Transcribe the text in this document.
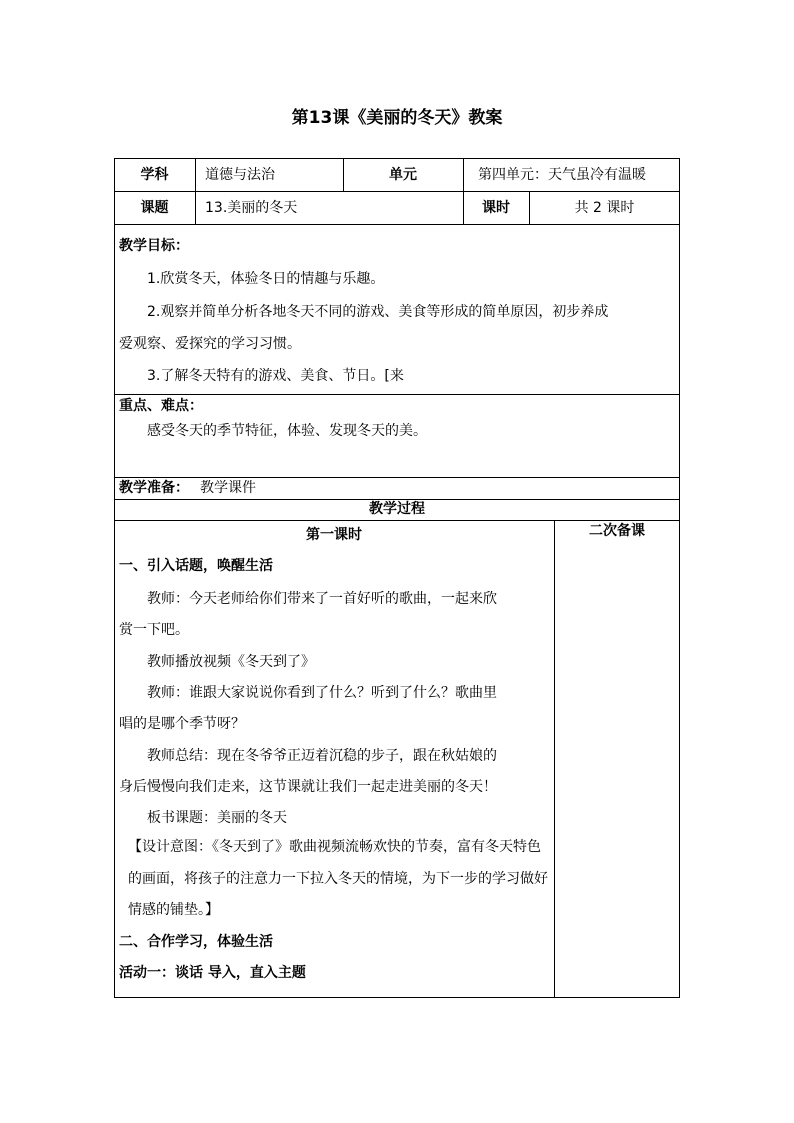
第13课《美丽的冬天》教案
学科	道德与法治	单元	第四单元：天气虽冷有温暖
课题	13.美丽的冬天	课时	共 2 课时
教学目标：
1.欣赏冬天，体验冬日的情趣与乐趣。
2.观察并简单分析各地冬天不同的游戏、美食等形成的简单原因，初步养成
爱观察、爱探究的学习习惯。
3.了解冬天特有的游戏、美食、节日。[来
重点、难点：
感受冬天的季节特征，体验、发现冬天的美。
教学准备： 教学课件
教学过程
第一课时	二次备课
一、引入话题，唤醒生活
教师：今天老师给你们带来了一首好听的歌曲，一起来欣
赏一下吧。
教师播放视频《冬天到了》
教师：谁跟大家说说你看到了什么？听到了什么？歌曲里
唱的是哪个季节呀？
教师总结：现在冬爷爷正迈着沉稳的步子，跟在秋姑娘的
身后慢慢向我们走来，这节课就让我们一起走进美丽的冬天！
板书课题：美丽的冬天
【设计意图：《冬天到了》歌曲视频流畅欢快的节奏，富有冬天特色的画面，将孩子的注意力一下拉入冬天的情境，为下一步的学习做好情感的铺垫。】
二、合作学习，体验生活
活动一：谈话 导入，直入主题
